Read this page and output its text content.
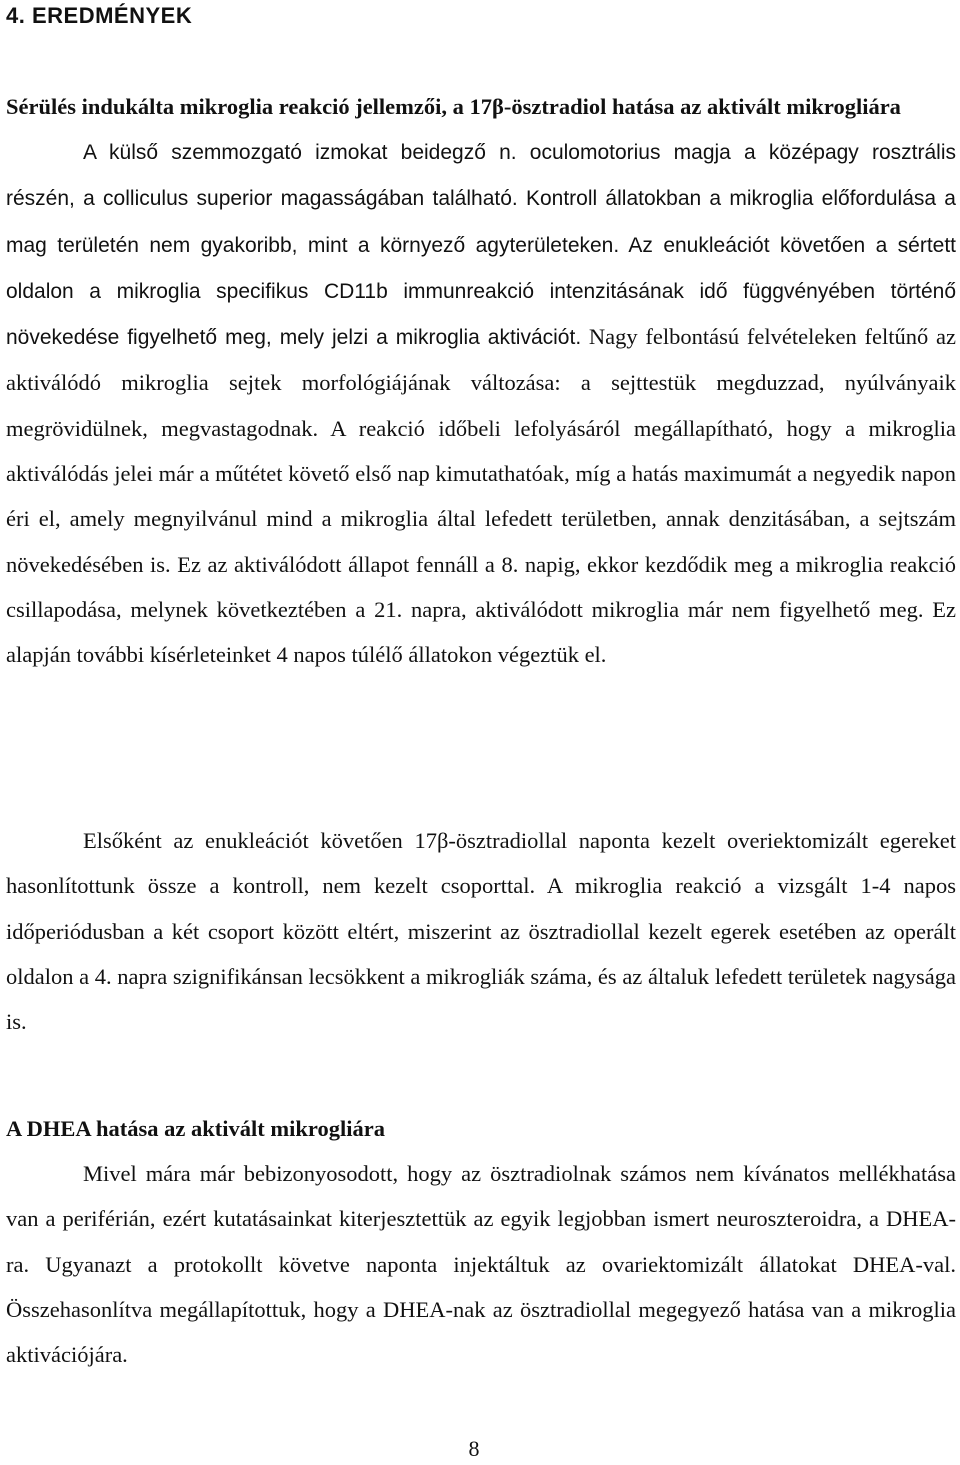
4. EREDMÉNYEK
Sérülés indukálta mikroglia reakció jellemzői, a 17β-ösztradiol hatása az aktivált mikrogliára

A külső szemmozgató izmokat beidegző n. oculomotorius magja a középagy rosztrális részén, a colliculus superior magasságában található. Kontroll állatokban a mikroglia előfordulása a mag területén nem gyakoribb, mint a környező agyterületeken. Az enukleációt követően a sértett oldalon a mikroglia specifikus CD11b immunreakció intenzitásának idő függvényében történő növekedése figyelhető meg, mely jelzi a mikroglia aktivációt. Nagy felbontású felvételeken feltűnő az aktiválódó mikroglia sejtek morfológiájának változása: a sejttestük megduzzad, nyúlványaik megrövidülnek, megvastagodnak. A reakció időbeli lefolyásáról megállapítható, hogy a mikroglia aktiválódás jelei már a műtétet követő első nap kimutathatóak, míg a hatás maximumát a negyedik napon éri el, amely megnyilvánul mind a mikroglia által lefedett területben, annak denzitásában, a sejtszám növekedésében is. Ez az aktiválódott állapot fennáll a 8. napig, ekkor kezdődik meg a mikroglia reakció csillapodása, melynek következtében a 21. napra, aktiválódott mikroglia már nem figyelhető meg. Ez alapján további kísérleteinket 4 napos túlélő állatokon végeztük el.

Elsőként az enukleációt követően 17β-ösztradiollal naponta kezelt overiektomizált egereket hasonlítottunk össze a kontroll, nem kezelt csoporttal. A mikroglia reakció a vizsgált 1-4 napos időperiódusban a két csoport között eltért, miszerint az ösztradiollal kezelt egerek esetében az operált oldalon a 4. napra szignifikánsan lecsökkent a mikrogliák száma, és az általuk lefedett területek nagysága is.

A DHEA hatása az aktivált mikrogliára

Mivel mára már bebizonyosodott, hogy az ösztradiolnak számos nem kívánatos mellékhatása van a periférián, ezért kutatásainkat kiterjesztettük az egyik legjobban ismert neuroszteroidra, a DHEA-ra. Ugyanazt a protokollt követve naponta injektáltuk az ovariektomizált állatokat DHEA-val. Összehasonlítva megállapítottuk, hogy a DHEA-nak az ösztradiollal megegyező hatása van a mikroglia aktivációjára.

8
